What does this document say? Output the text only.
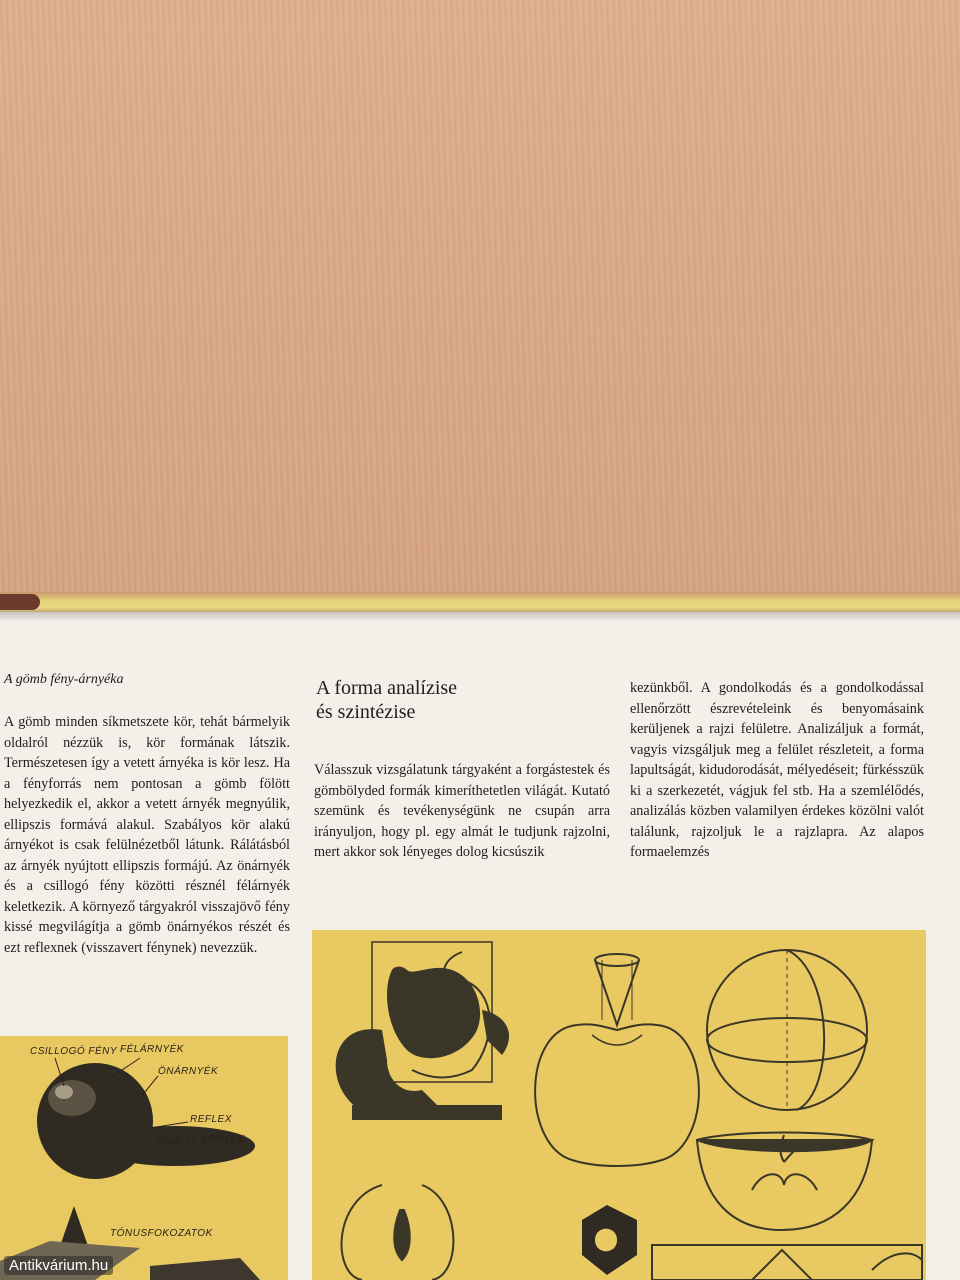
A gömb fény-árnyéka

A gömb minden síkmetszete kör, tehát bármelyik oldalról nézzük is, kör formának látszik. Természetesen így a vetett árnyéka is kör lesz. Ha a fényforrás nem pontosan a gömb fölött helyezkedik el, akkor a vetett árnyék megnyúlik, ellipszis formává alakul. Szabályos kör alakú árnyékot is csak felülnézetből látunk. Rálátásból az árnyék nyújtott ellipszis formájú. Az önárnyék és a csillogó fény közötti résznél félárnyék keletkezik. A környező tárgyakról visszajövő fény kissé megvilágítja a gömb önárnyékos részét és ezt reflexnek (visszavert fénynek) nevezzük.

A forma analízise
és szintézise

Válasszuk vizsgálatunk tárgyaként a forgástestek és gömbölyded formák kimeríthetetlen világát. Kutató szemünk és tevékenységünk ne csupán arra irányuljon, hogy pl. egy almát le tudjunk rajzolni, mert akkor sok lényeges dolog kicsúszik

kezünkből. A gondolkodás és a gondolkodással ellenőrzött észrevételeink és benyomásaink kerüljenek a rajzi felületre. Analizáljuk a formát, vagyis vizsgáljuk meg a felület részleteit, a forma lapultságát, kidudorodását, mélyedéseit; fürkésszük ki a szerkezetét, vágjuk fel stb. Ha a szemlélődés, analizálás közben valamilyen érdekes közölni valót találunk, rajzoljuk le a rajzlapra. Az alapos formaelemzés

CSILLOGÓ FÉNY FÉLÁRNYÉK
ÖNÁRNYÉK
REFLEX
VETETT ÁRNYÉK
TÓNUSFOKOZATOK
Antikvárium.hu
